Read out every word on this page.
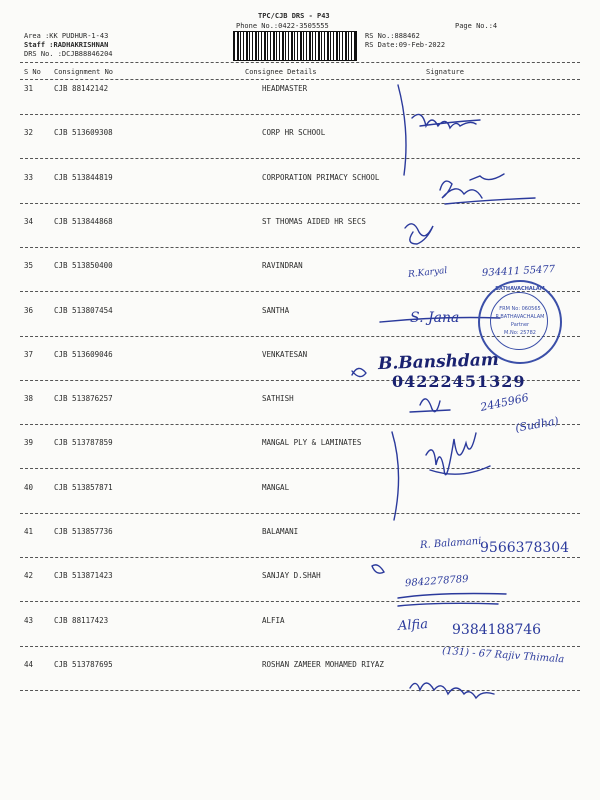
TPC/CJB DRS - P43
Phone No.:0422-3505555	Page No.:4
Area :KK PUDHUR-1-43
Staff :RADHAKRISHNAN
DRS No. :DCJB88846204
RS No.:888462
RS Date:09-Feb-2022
S No Consignment No	Consignee Details	Signature
31	CJB 88142142	HEADMASTER
32	CJB 513609308	CORP HR SCHOOL
33	CJB 513844819	CORPORATION PRIMACY SCHOOL
34	CJB 513844868	ST THOMAS AIDED HR SECS
35	CJB 513850400	RAVINDRAN
36	CJB 513807454	SANTHA
37	CJB 513609046	VENKATESAN
38	CJB 513876257	SATHISH
39	CJB 513787859	MANGAL PLY & LAMINATES
40	CJB 513857871	MANGAL
41	CJB 513857736	BALAMANI
42	CJB 513871423	SANJAY D.SHAH
43	CJB 88117423	ALFIA
44	CJB 513787695	ROSHAN ZAMEER MOHAMED RIYAZ
R.Karyal	934411 55477
S. Jana
B.Banshdam
04222451329
2445966
(Sudha)
R. Balamani
9566378304
9842278789
Alfia 9384188746
(131) - 67 Rajiv Thimala
BATHAVACHALAM
FRM No: 060565
R.BATHAVACHALAM
Partner
M.No: 25782
